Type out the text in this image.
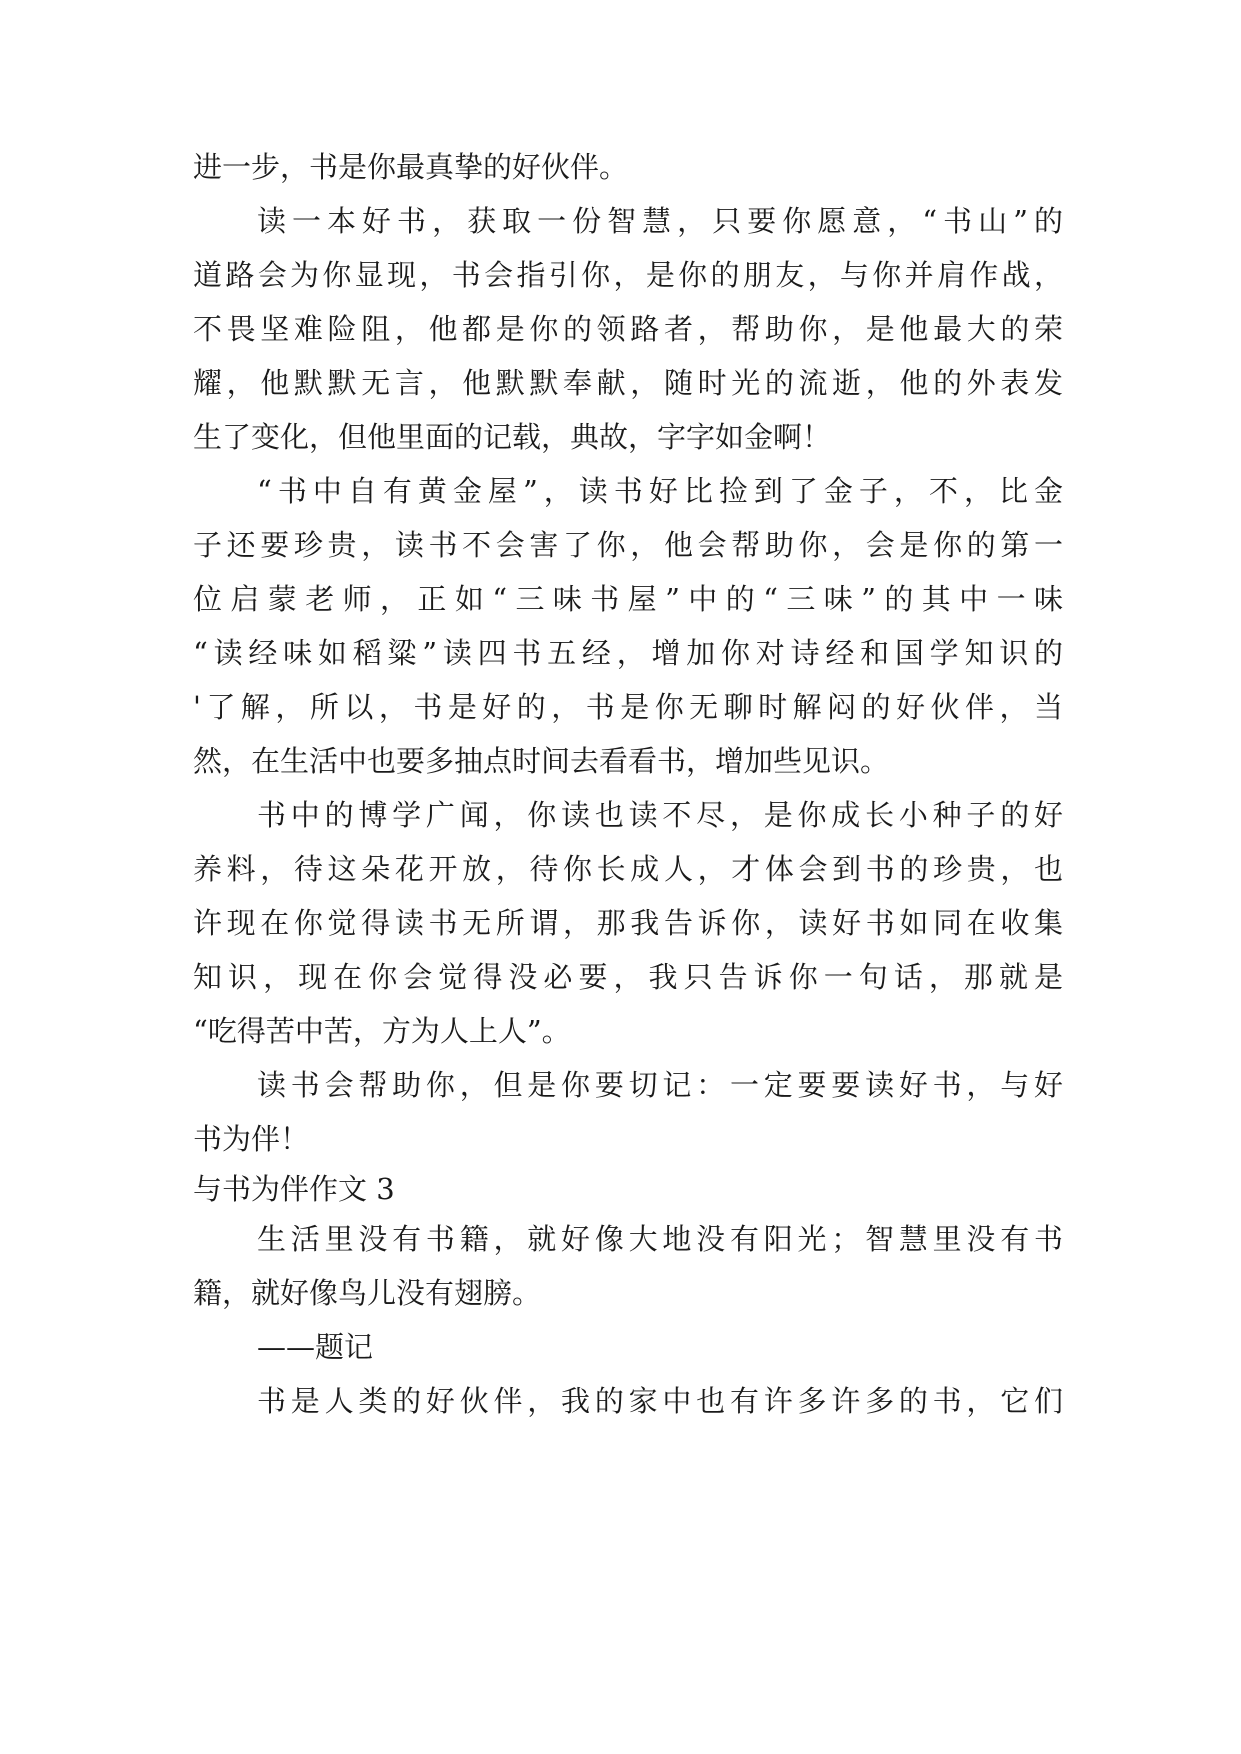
进一步，书是你最真挚的好伙伴。
读一本好书，获取一份智慧，只要你愿意，“书山”的
道路会为你显现，书会指引你，是你的朋友，与你并肩作战，
不畏坚难险阻，他都是你的领路者，帮助你，是他最大的荣
耀，他默默无言，他默默奉献，随时光的流逝，他的外表发
生了变化，但他里面的记载，典故，字字如金啊！
“书中自有黄金屋”，读书好比捡到了金子，不，比金
子还要珍贵，读书不会害了你，他会帮助你，会是你的第一
位启蒙老师，正如“三味书屋”中的“三味”的其中一味
“读经味如稻粱”读四书五经，增加你对诗经和国学知识的
'了解，所以，书是好的，书是你无聊时解闷的好伙伴，当
然，在生活中也要多抽点时间去看看书，增加些见识。
书中的博学广闻，你读也读不尽，是你成长小种子的好
养料，待这朵花开放，待你长成人，才体会到书的珍贵，也
许现在你觉得读书无所谓，那我告诉你，读好书如同在收集
知识，现在你会觉得没必要，我只告诉你一句话，那就是
“吃得苦中苦，方为人上人”。
读书会帮助你，但是你要切记：一定要要读好书，与好
书为伴！
与书为伴作文 3
生活里没有书籍，就好像大地没有阳光；智慧里没有书
籍，就好像鸟儿没有翅膀。
——题记
书是人类的好伙伴，我的家中也有许多许多的书，它们
